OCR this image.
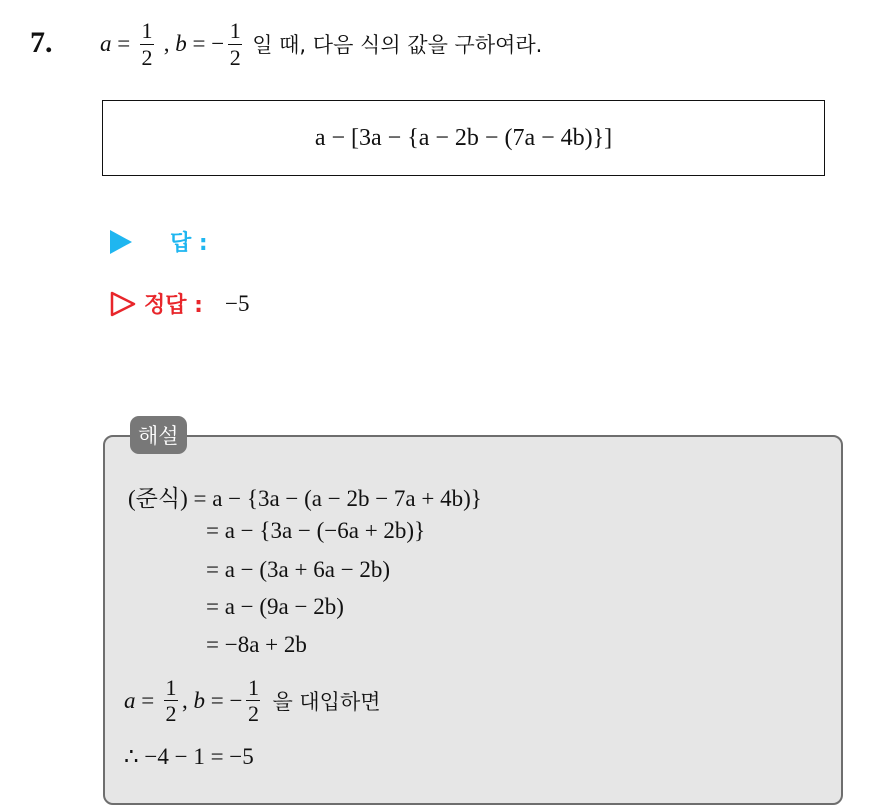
7. $a = \frac{1}{2}$ , b = − $\frac{1}{2}$ 일 때, 다음 식의 값을 구하여라.
a − [3a − {a − 2b − (7a − 4b)}]
답 :
정답 : −5
해설
(준식) = a − {3a − (a − 2b − 7a + 4b)}
= a − {3a − (−6a + 2b)}
= a − (3a + 6a − 2b)
= a − (9a − 2b)
= −8a + 2b
$a = \frac{1}{2}$ , b = − $\frac{1}{2}$ 을 대입하면
∴ −4 − 1 = −5
